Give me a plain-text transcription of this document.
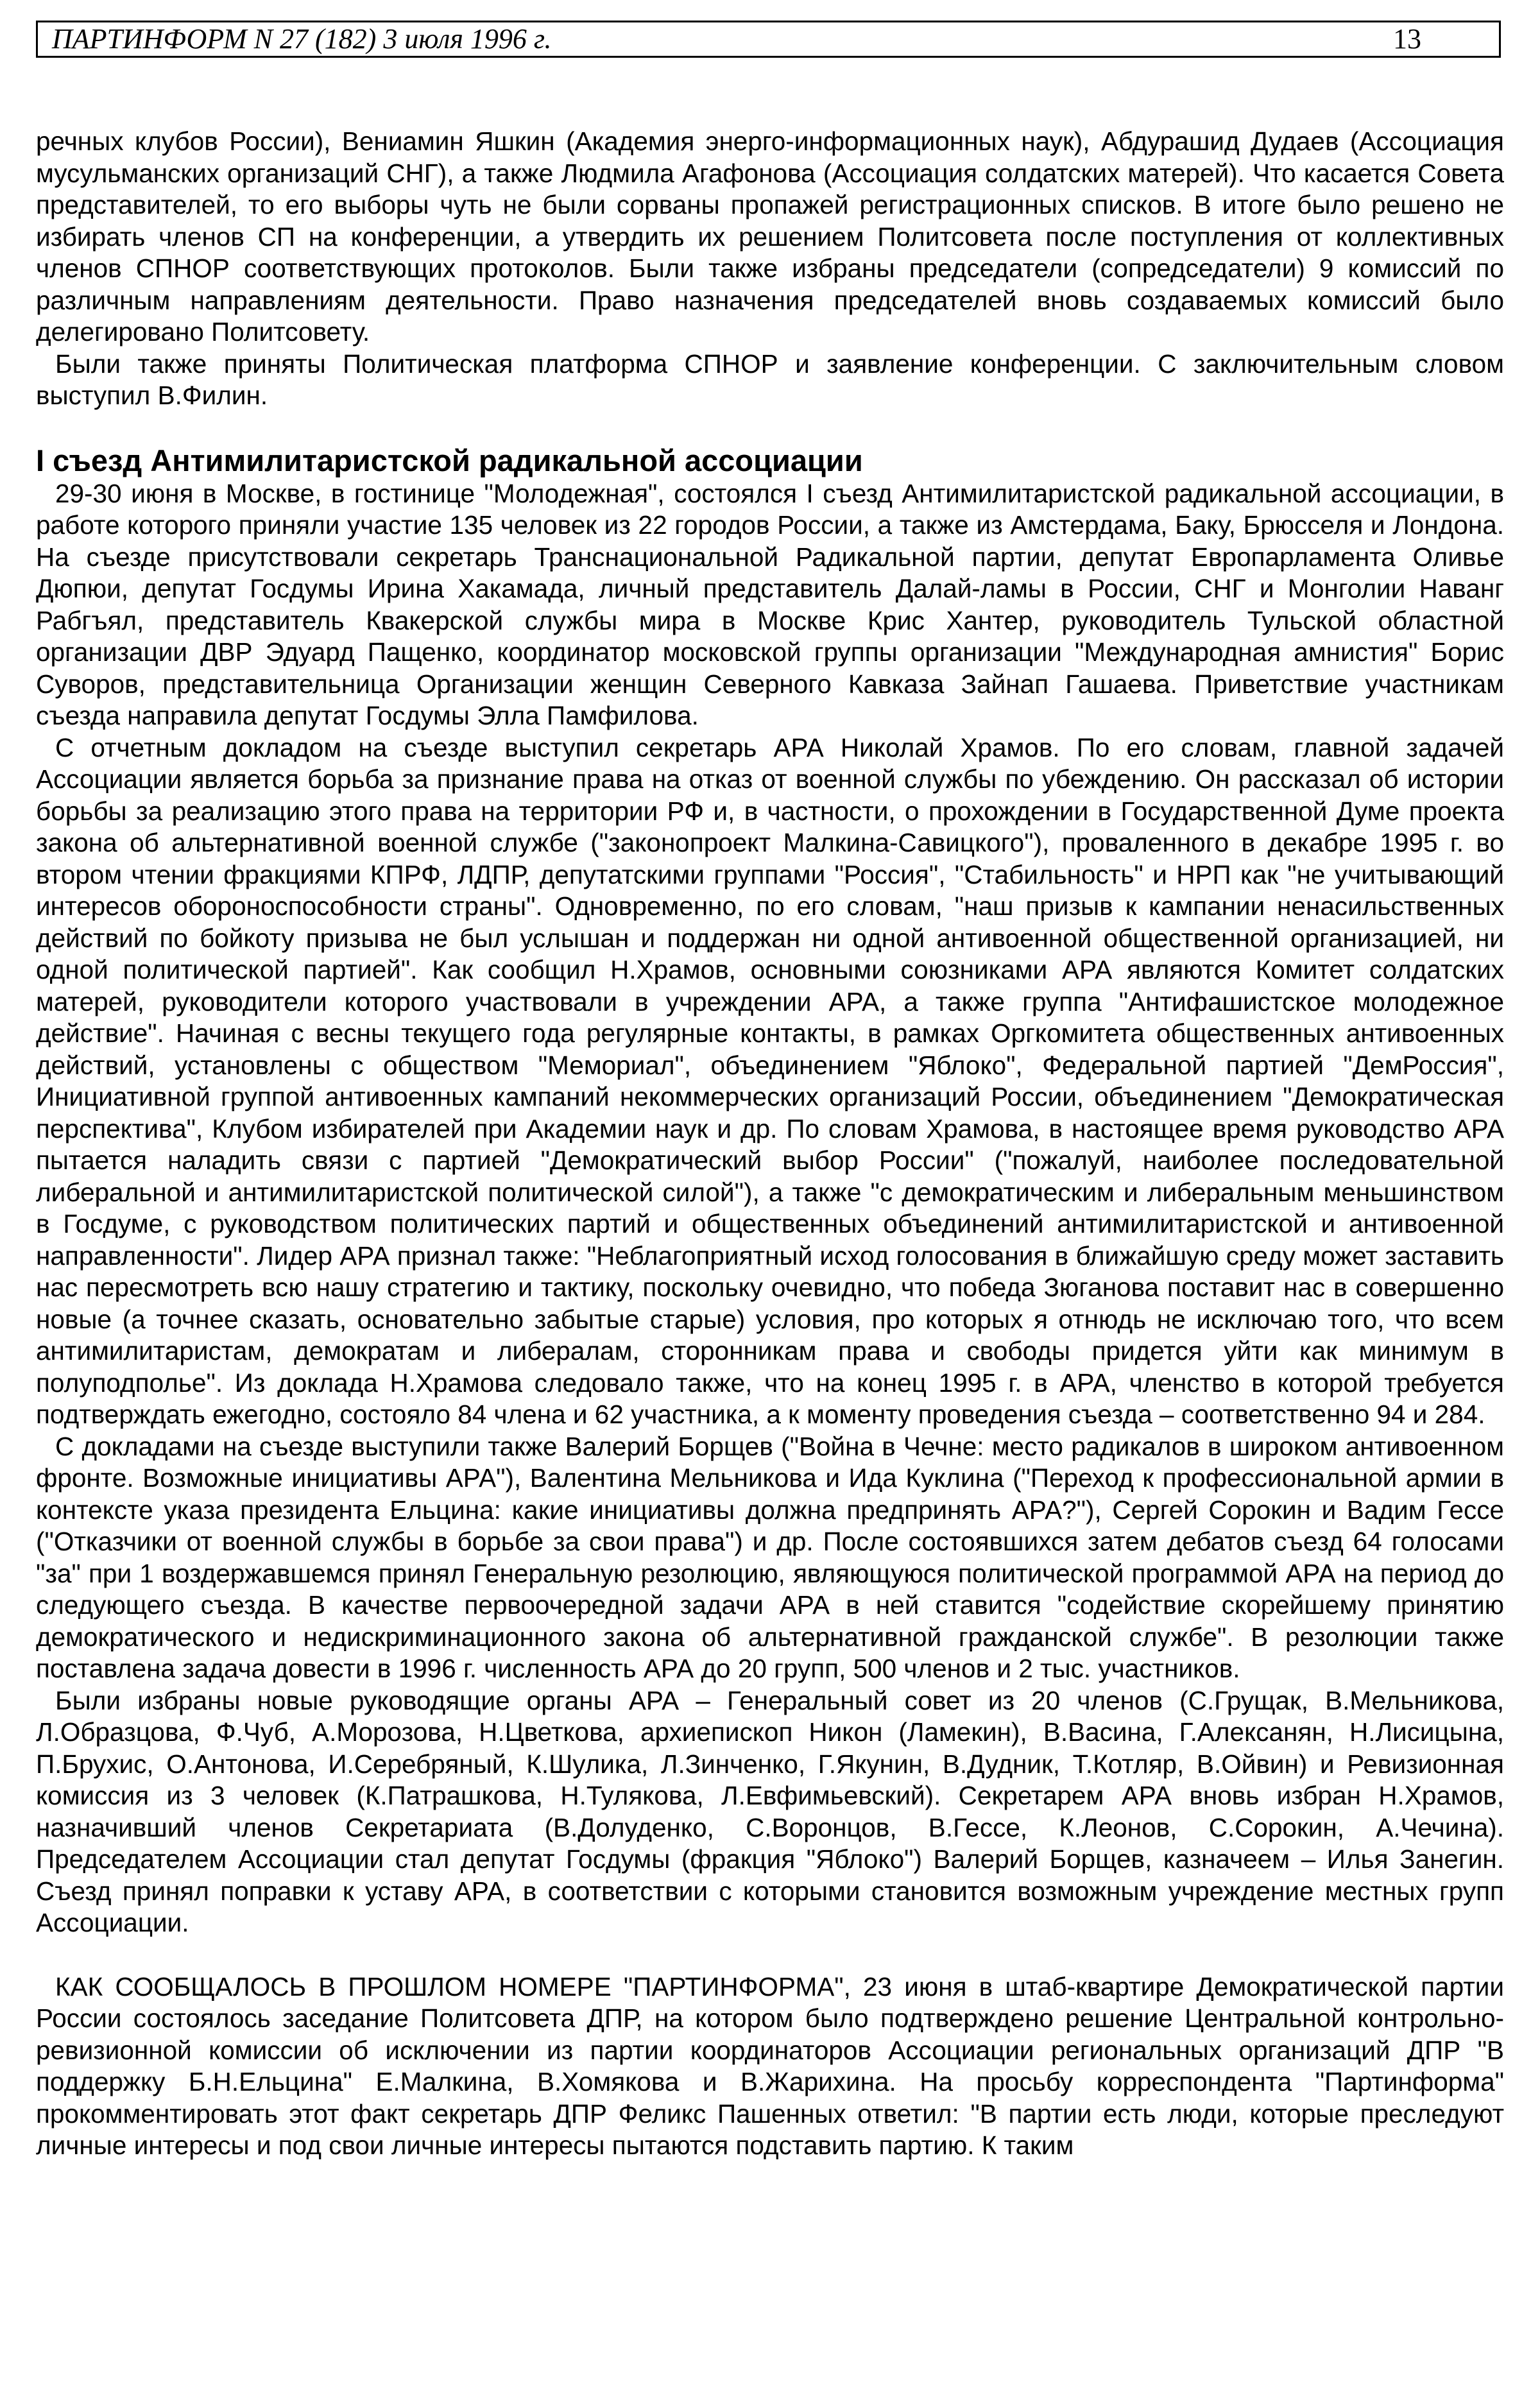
ПАРТИНФОРМ N 27 (182) 3 июля 1996 г.	13

речных клубов России), Вениамин Яшкин (Академия энерго-информационных наук), Абдурашид Дудаев (Ассоциация мусульманских организаций СНГ), а также Людмила Агафонова (Ассоциация солдатских матерей). Что касается Совета представителей, то его выборы чуть не были сорваны пропажей регистрационных списков. В итоге было решено не избирать членов СП на конференции, а утвердить их решением Политсовета после поступления от коллективных членов СПНОР соответствующих протоколов. Были также избраны председатели (сопредседатели) 9 комиссий по различным направлениям деятельности. Право назначения председателей вновь создаваемых комиссий было делегировано Политсовету.

Были также приняты Политическая платформа СПНОР и заявление конференции. С заключительным словом выступил В.Филин.

I съезд Антимилитаристской радикальной ассоциации

29-30 июня в Москве, в гостинице "Молодежная", состоялся I съезд Антимилитаристской радикальной ассоциации, в работе которого приняли участие 135 человек из 22 городов России, а также из Амстердама, Баку, Брюсселя и Лондона. На съезде присутствовали секретарь Транснациональной Радикальной партии, депутат Европарламента Оливье Дюпюи, депутат Госдумы Ирина Хакамада, личный представитель Далай-ламы в России, СНГ и Монголии Наванг Рабгъял, представитель Квакерской службы мира в Москве Крис Хантер, руководитель Тульской областной организации ДВР Эдуард Пащенко, координатор московской группы организации "Международная амнистия" Борис Суворов, представительница Организации женщин Северного Кавказа Зайнап Гашаева. Приветствие участникам съезда направила депутат Госдумы Элла Памфилова.

С отчетным докладом на съезде выступил секретарь АРА Николай Храмов. По его словам, главной задачей Ассоциации является борьба за признание права на отказ от военной службы по убеждению. Он рассказал об истории борьбы за реализацию этого права на территории РФ и, в частности, о прохождении в Государственной Думе проекта закона об альтернативной военной службе ("законопроект Малкина-Савицкого"), проваленного в декабре 1995 г. во втором чтении фракциями КПРФ, ЛДПР, депутатскими группами "Россия", "Стабильность" и НРП как "не учитывающий интересов обороноспособности страны". Одновременно, по его словам, "наш призыв к кампании ненасильственных действий по бойкоту призыва не был услышан и поддержан ни одной антивоенной общественной организацией, ни одной политической партией". Как сообщил Н.Храмов, основными союзниками АРА являются Комитет солдатских матерей, руководители которого участвовали в учреждении АРА, а также группа "Антифашистское молодежное действие". Начиная с весны текущего года регулярные контакты, в рамках Оргкомитета общественных антивоенных действий, установлены с обществом "Мемориал", объединением "Яблоко", Федеральной партией "ДемРоссия", Инициативной группой антивоенных кампаний некоммерческих организаций России, объединением "Демократическая перспектива", Клубом избирателей при Академии наук и др. По словам Храмова, в настоящее время руководство АРА пытается наладить связи с партией "Демократический выбор России" ("пожалуй, наиболее последовательной либеральной и антимилитаристской политической силой"), а также "с демократическим и либеральным меньшинством в Госдуме, с руководством политических партий и общественных объединений антимилитаристской и антивоенной направленности". Лидер АРА признал также: "Неблагоприятный исход голосования в ближайшую среду может заставить нас пересмотреть всю нашу стратегию и тактику, поскольку очевидно, что победа Зюганова поставит нас в совершенно новые (а точнее сказать, основательно забытые старые) условия, про которых я отнюдь не исключаю того, что всем антимилитаристам, демократам и либералам, сторонникам права и свободы придется уйти как минимум в полуподполье". Из доклада Н.Храмова следовало также, что на конец 1995 г. в АРА, членство в которой требуется подтверждать ежегодно, состояло 84 члена и 62 участника, а к моменту проведения съезда – соответственно 94 и 284.

С докладами на съезде выступили также Валерий Борщев ("Война в Чечне: место радикалов в широком антивоенном фронте. Возможные инициативы АРА"), Валентина Мельникова и Ида Куклина ("Переход к профессиональной армии в контексте указа президента Ельцина: какие инициативы должна предпринять АРА?"), Сергей Сорокин и Вадим Гессе ("Отказчики от военной службы в борьбе за свои права") и др. После состоявшихся затем дебатов съезд 64 голосами "за" при 1 воздержавшемся принял Генеральную резолюцию, являющуюся политической программой АРА на период до следующего съезда. В качестве первоочередной задачи АРА в ней ставится "содействие скорейшему принятию демократического и недискриминационного закона об альтернативной гражданской службе". В резолюции также поставлена задача довести в 1996 г. численность АРА до 20 групп, 500 членов и 2 тыс. участников.

Были избраны новые руководящие органы АРА – Генеральный совет из 20 членов (С.Грущак, В.Мельникова, Л.Образцова, Ф.Чуб, А.Морозова, Н.Цветкова, архиепископ Никон (Ламекин), В.Васина, Г.Алексанян, Н.Лисицына, П.Брухис, О.Антонова, И.Серебряный, К.Шулика, Л.Зинченко, Г.Якунин, В.Дудник, Т.Котляр, В.Ойвин) и Ревизионная комиссия из 3 человек (К.Патрашкова, Н.Тулякова, Л.Евфимьевский). Секретарем АРА вновь избран Н.Храмов, назначивший членов Секретариата (В.Долуденко, С.Воронцов, В.Гессе, К.Леонов, С.Сорокин, А.Чечина). Председателем Ассоциации стал депутат Госдумы (фракция "Яблоко") Валерий Борщев, казначеем – Илья Занегин. Съезд принял поправки к уставу АРА, в соответствии с которыми становится возможным учреждение местных групп Ассоциации.

КАК СООБЩАЛОСЬ В ПРОШЛОМ НОМЕРЕ "ПАРТИНФОРМА", 23 июня в штаб-квартире Демократической партии России состоялось заседание Политсовета ДПР, на котором было подтверждено решение Центральной контрольно-ревизионной комиссии об исключении из партии координаторов Ассоциации региональных организаций ДПР "В поддержку Б.Н.Ельцина" Е.Малкина, В.Хомякова и В.Жарихина. На просьбу корреспондента "Партинформа" прокомментировать этот факт секретарь ДПР Феликс Пашенных ответил: "В партии есть люди, которые преследуют личные интересы и под свои личные интересы пытаются подставить партию. К таким
